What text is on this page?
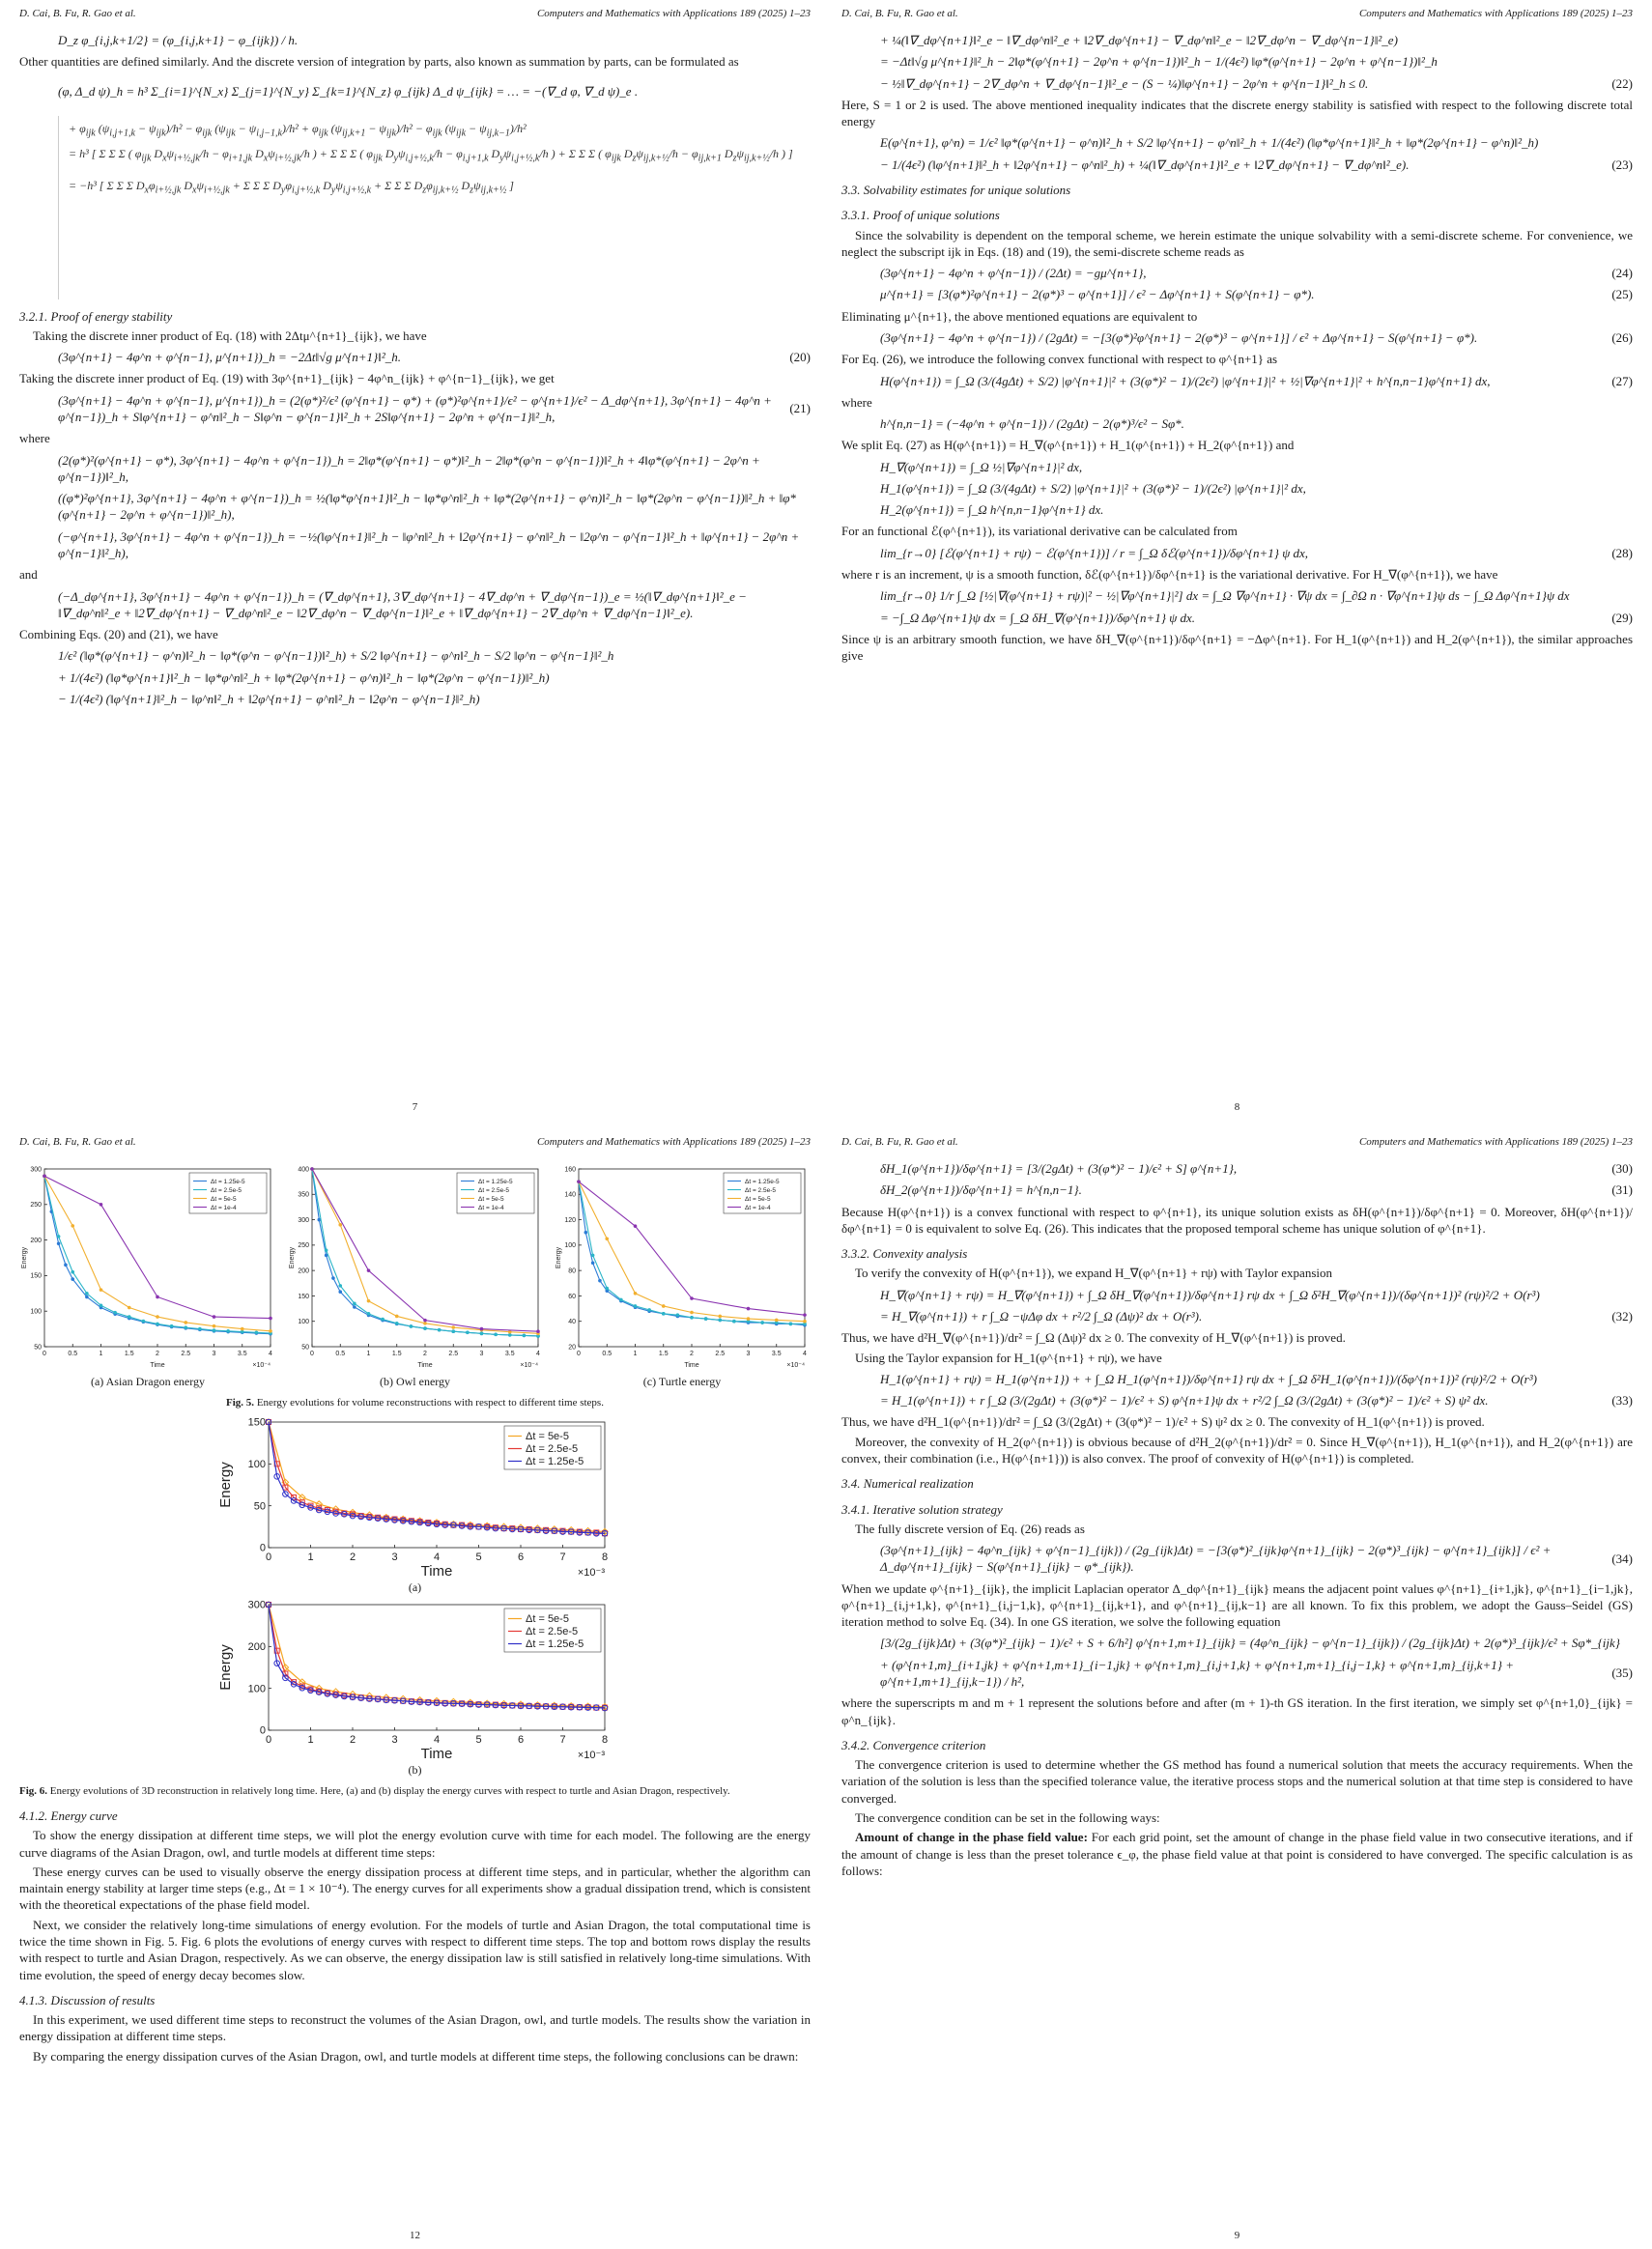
D. Cai, B. Fu, R. Gao et al.	Computers and Mathematics with Applications 189 (2025) 1–23
D_z φ_{i,j,k+1/2} = (φ_{i,j,k+1} − φ_{ijk}) / h.

Other quantities are defined similarly. And the discrete version of integration by parts, also known as summation by parts, can be formulated as

(φ, Δ_d ψ)_h = h³ Σ_{i=1}^{N_x} Σ_{j=1}^{N_y} Σ_{k=1}^{N_z} φ_{ijk} Δ_d ψ_{ijk} = … = −(∇_d φ, ∇_d ψ)_e .
+ $\varphi_{ijk}$ $(\psi_{i,j+1,k} - \psi_{ijk})/h^2 - \varphi_{ijk}$ $(\psi_{ijk} - \psi_{i,j-1,k})/h^2 + \varphi_{ijk}$ $(\psi_{ij,k+1} - \psi_{ijk})/h^2 - \varphi_{ijk}$ $(\psi_{ijk} - \psi_{ij,k-1})/h^2$
= h³ [ Σ Σ Σ ( $\varphi_{ijk}$ $D_x\psi_{i+\frac{1}{2},jk}/h - \varphi_{i+1,jk}$ $D_x\psi_{i+\frac{1}{2},jk}/h$ ) + Σ Σ Σ ( $\varphi_{ijk}$ $D_y\psi_{i,j+\frac{1}{2},k}/h - \varphi_{i,j+1,k}$ $D_y\psi_{i,j+\frac{1}{2},k}/h$ ) + Σ Σ Σ ( $\varphi_{ijk}$ $D_z\psi_{ij,k+\frac{1}{2}}/h - \varphi_{ij,k+1}$ $D_z\psi_{ij,k+\frac{1}{2}}/h$ ) ]
= −h³ [ Σ Σ Σ $D_x\varphi_{i+\frac{1}{2},jk}$ $D_x\psi_{i+\frac{1}{2},jk} + \Sigma$ Σ Σ $D_y\varphi_{i,j+\frac{1}{2},k}$ $D_y\psi_{i,j+\frac{1}{2},k} + \Sigma$ Σ Σ $D_z\varphi_{ij,k+\frac{1}{2}}$ $D_z\psi_{ij,k+\frac{1}{2}}$ ]
3.2.1. Proof of energy stability

Taking the discrete inner product of Eq. (18) with 2Δtμ^{n+1}_{ijk}, we have

(3φ^{n+1} − 4φ^n + φ^{n−1}, μ^{n+1})_h = −2Δt‖√g μ^{n+1}‖²_h.	(20)

Taking the discrete inner product of Eq. (19) with 3φ^{n+1}_{ijk} − 4φ^n_{ijk} + φ^{n−1}_{ijk}, we get

(3φ^{n+1} − 4φ^n + φ^{n−1}, μ^{n+1})_h = (2(φ*)²/ϵ² (φ^{n+1} − φ*) + (φ*)²φ^{n+1}/ϵ² − φ^{n+1}/ϵ² − Δ_dφ^{n+1}, 3φ^{n+1} − 4φ^n + φ^{n−1})_h + S‖φ^{n+1} − φ^n‖²_h − S‖φ^n − φ^{n−1}‖²_h + 2S‖φ^{n+1} − 2φ^n + φ^{n−1}‖²_h,
(21)

where

(2(φ*)²(φ^{n+1} − φ*), 3φ^{n+1} − 4φ^n + φ^{n−1})_h = 2‖φ*(φ^{n+1} − φ*)‖²_h − 2‖φ*(φ^n − φ^{n−1})‖²_h + 4‖φ*(φ^{n+1} − 2φ^n + φ^{n−1})‖²_h,
((φ*)²φ^{n+1}, 3φ^{n+1} − 4φ^n + φ^{n−1})_h = ½(‖φ*φ^{n+1}‖²_h − ‖φ*φ^n‖²_h + ‖φ*(2φ^{n+1} − φ^n)‖²_h − ‖φ*(2φ^n − φ^{n−1})‖²_h + ‖φ*(φ^{n+1} − 2φ^n + φ^{n−1})‖²_h),
(−φ^{n+1}, 3φ^{n+1} − 4φ^n + φ^{n−1})_h = −½(‖φ^{n+1}‖²_h − ‖φ^n‖²_h + ‖2φ^{n+1} − φ^n‖²_h − ‖2φ^n − φ^{n−1}‖²_h + ‖φ^{n+1} − 2φ^n + φ^{n−1}‖²_h),

and

(−Δ_dφ^{n+1}, 3φ^{n+1} − 4φ^n + φ^{n−1})_h = (∇_dφ^{n+1}, 3∇_dφ^{n+1} − 4∇_dφ^n + ∇_dφ^{n−1})_e = ½(‖∇_dφ^{n+1}‖²_e − ‖∇_dφ^n‖²_e + ‖2∇_dφ^{n+1} − ∇_dφ^n‖²_e − ‖2∇_dφ^n − ∇_dφ^{n−1}‖²_e + ‖∇_dφ^{n+1} − 2∇_dφ^n + ∇_dφ^{n−1}‖²_e).

Combining Eqs. (20) and (21), we have

1/ϵ² (‖φ*(φ^{n+1} − φ^n)‖²_h − ‖φ*(φ^n − φ^{n−1})‖²_h) + S/2 ‖φ^{n+1} − φ^n‖²_h − S/2 ‖φ^n − φ^{n−1}‖²_h
+ 1/(4ϵ²) (‖φ*φ^{n+1}‖²_h − ‖φ*φ^n‖²_h + ‖φ*(2φ^{n+1} − φ^n)‖²_h − ‖φ*(2φ^n − φ^{n−1})‖²_h)
− 1/(4ϵ²) (‖φ^{n+1}‖²_h − ‖φ^n‖²_h + ‖2φ^{n+1} − φ^n‖²_h − ‖2φ^n − φ^{n−1}‖²_h)
7
D. Cai, B. Fu, R. Gao et al.	Computers and Mathematics with Applications 189 (2025) 1–23
+ ¼(‖∇_dφ^{n+1}‖²_e − ‖∇_dφ^n‖²_e + ‖2∇_dφ^{n+1} − ∇_dφ^n‖²_e − ‖2∇_dφ^n − ∇_dφ^{n−1}‖²_e)
= −Δt‖√g μ^{n+1}‖²_h − 2‖φ*(φ^{n+1} − 2φ^n + φ^{n−1})‖²_h − 1/(4ϵ²) ‖φ*(φ^{n+1} − 2φ^n + φ^{n−1})‖²_h
− ½‖∇_dφ^{n+1} − 2∇_dφ^n + ∇_dφ^{n−1}‖²_e − (S − ¼)‖φ^{n+1} − 2φ^n + φ^{n−1}‖²_h ≤ 0.	(22)

Here, S = 1 or 2 is used. The above mentioned inequality indicates that the discrete energy stability is satisfied with respect to the following discrete total energy

E(φ^{n+1}, φ^n) = 1/ϵ² ‖φ*(φ^{n+1} − φ^n)‖²_h + S/2 ‖φ^{n+1} − φ^n‖²_h + 1/(4ϵ²) (‖φ*φ^{n+1}‖²_h + ‖φ*(2φ^{n+1} − φ^n)‖²_h)
− 1/(4ϵ²) (‖φ^{n+1}‖²_h + ‖2φ^{n+1} − φ^n‖²_h) + ¼(‖∇_dφ^{n+1}‖²_e + ‖2∇_dφ^{n+1} − ∇_dφ^n‖²_e).	(23)
3.3. Solvability estimates for unique solutions
3.3.1. Proof of unique solutions

Since the solvability is dependent on the temporal scheme, we herein estimate the unique solvability with a semi-discrete scheme. For convenience, we neglect the subscript ijk in Eqs. (18) and (19), the semi-discrete scheme reads as

(3φ^{n+1} − 4φ^n + φ^{n−1}) / (2Δt) = −gμ^{n+1},	(24)
μ^{n+1} = [3(φ*)²φ^{n+1} − 2(φ*)³ − φ^{n+1}] / ϵ² − Δφ^{n+1} + S(φ^{n+1} − φ*).	(25)

Eliminating μ^{n+1}, the above mentioned equations are equivalent to

(3φ^{n+1} − 4φ^n + φ^{n−1}) / (2gΔt) = −[3(φ*)²φ^{n+1} − 2(φ*)³ − φ^{n+1}] / ϵ² + Δφ^{n+1} − S(φ^{n+1} − φ*).	(26)

For Eq. (26), we introduce the following convex functional with respect to φ^{n+1} as

H(φ^{n+1}) = ∫_Ω (3/(4gΔt) + S/2) |φ^{n+1}|² + (3(φ*)² − 1)/(2ϵ²) |φ^{n+1}|² + ½|∇φ^{n+1}|² + h^{n,n−1}φ^{n+1} dx,	(27)

where

h^{n,n−1} = (−4φ^n + φ^{n−1}) / (2gΔt) − 2(φ*)³/ϵ² − Sφ*.

We split Eq. (27) as H(φ^{n+1}) = H_∇(φ^{n+1}) + H_1(φ^{n+1}) + H_2(φ^{n+1}) and

H_∇(φ^{n+1}) = ∫_Ω ½|∇φ^{n+1}|² dx,
H_1(φ^{n+1}) = ∫_Ω (3/(4gΔt) + S/2) |φ^{n+1}|² + (3(φ*)² − 1)/(2ϵ²) |φ^{n+1}|² dx,
H_2(φ^{n+1}) = ∫_Ω h^{n,n−1}φ^{n+1} dx.

For an functional ℰ(φ^{n+1}), its variational derivative can be calculated from

lim_{r→0} [ℰ(φ^{n+1} + rψ) − ℰ(φ^{n+1})] / r = ∫_Ω δℰ(φ^{n+1})/δφ^{n+1} ψ dx,	(28)

where r is an increment, ψ is a smooth function, δℰ(φ^{n+1})/δφ^{n+1} is the variational derivative. For H_∇(φ^{n+1}), we have

lim_{r→0} 1/r ∫_Ω [½|∇(φ^{n+1} + rψ)|² − ½|∇φ^{n+1}|²] dx = ∫_Ω ∇φ^{n+1} · ∇ψ dx = ∫_∂Ω n · ∇φ^{n+1}ψ ds − ∫_Ω Δφ^{n+1}ψ dx
= −∫_Ω Δφ^{n+1}ψ dx = ∫_Ω δH_∇(φ^{n+1})/δφ^{n+1} ψ dx.	(29)

Since ψ is an arbitrary smooth function, we have δH_∇(φ^{n+1})/δφ^{n+1} = −Δφ^{n+1}. For H_1(φ^{n+1}) and H_2(φ^{n+1}), the similar approaches give

8
D. Cai, B. Fu, R. Gao et al.	Computers and Mathematics with Applications 189 (2025) 1–23
0	0.5	1	1.5	2	2.5	3	3.5	4
50
100
150
200
250
300
Time
Energy
×10⁻⁴
Δt = 1.25e-5
Δt = 2.5e-5
Δt = 5e-5
Δt = 1e-4
(a) Asian Dragon energy
0	0.5	1	1.5	2	2.5	3	3.5	4
50
100
150
200
250
300
350
400
Time
Energy
×10⁻⁴
Δt = 1.25e-5
Δt = 2.5e-5
Δt = 5e-5
Δt = 1e-4
(b) Owl energy
0	0.5	1	1.5	2	2.5	3	3.5	4
20
40
60
80
100
120
140
160
Time
Energy
×10⁻⁴
Δt = 1.25e-5
Δt = 2.5e-5
Δt = 5e-5
Δt = 1e-4
(c) Turtle energy
Fig. 5. Energy evolutions for volume reconstructions with respect to different time steps.
0	1	2	3	4	5	6	7	8
0
50
100
150
Time
Energy
×10⁻³
Δt = 5e-5
Δt = 2.5e-5
Δt = 1.25e-5
(a)
0	1	2	3	4	5	6	7	8
0
100
200
300
Time
Energy
×10⁻³
Δt = 5e-5
Δt = 2.5e-5
Δt = 1.25e-5
(b)
Fig. 6. Energy evolutions of 3D reconstruction in relatively long time. Here, (a) and (b) display the energy curves with respect to turtle and Asian Dragon, respectively.
4.1.2. Energy curve

To show the energy dissipation at different time steps, we will plot the energy evolution curve with time for each model. The following are the energy curve diagrams of the Asian Dragon, owl, and turtle models at different time steps:

These energy curves can be used to visually observe the energy dissipation process at different time steps, and in particular, whether the algorithm can maintain energy stability at larger time steps (e.g., Δt = 1 × 10⁻⁴). The energy curves for all experiments show a gradual dissipation trend, which is consistent with the theoretical expectations of the phase field model.

Next, we consider the relatively long-time simulations of energy evolution. For the models of turtle and Asian Dragon, the total computational time is twice the time shown in Fig. 5. Fig. 6 plots the evolutions of energy curves with respect to different time steps. The top and bottom rows display the results with respect to turtle and Asian Dragon, respectively. As we can observe, the energy dissipation law is still satisfied in relatively long-time simulations. With time evolution, the speed of energy decay becomes slow.

4.1.3. Discussion of results

In this experiment, we used different time steps to reconstruct the volumes of the Asian Dragon, owl, and turtle models. The results show the variation in energy dissipation at different time steps.

By comparing the energy dissipation curves of the Asian Dragon, owl, and turtle models at different time steps, the following conclusions can be drawn:

12
D. Cai, B. Fu, R. Gao et al.	Computers and Mathematics with Applications 189 (2025) 1–23
δH_1(φ^{n+1})/δφ^{n+1} = [3/(2gΔt) + (3(φ*)² − 1)/ϵ² + S] φ^{n+1},	(30)
δH_2(φ^{n+1})/δφ^{n+1} = h^{n,n−1}.	(31)

Because H(φ^{n+1}) is a convex functional with respect to φ^{n+1}, its unique solution exists as δH(φ^{n+1})/δφ^{n+1} = 0. Moreover, δH(φ^{n+1})/δφ^{n+1} = 0 is equivalent to solve Eq. (26). This indicates that the proposed temporal scheme has unique solution of φ^{n+1}.

3.3.2. Convexity analysis

To verify the convexity of H(φ^{n+1}), we expand H_∇(φ^{n+1} + rψ) with Taylor expansion

H_∇(φ^{n+1} + rψ) = H_∇(φ^{n+1}) + ∫_Ω δH_∇(φ^{n+1})/δφ^{n+1} rψ dx + ∫_Ω δ²H_∇(φ^{n+1})/(δφ^{n+1})² (rψ)²/2 + O(r³)
= H_∇(φ^{n+1}) + r ∫_Ω −ψΔφ dx + r²/2 ∫_Ω (Δψ)² dx + O(r³).	(32)

Thus, we have d²H_∇(φ^{n+1})/dr² = ∫_Ω (Δψ)² dx ≥ 0. The convexity of H_∇(φ^{n+1}) is proved.

Using the Taylor expansion for H_1(φ^{n+1} + rψ), we have

H_1(φ^{n+1} + rψ) = H_1(φ^{n+1}) + + ∫_Ω H_1(φ^{n+1})/δφ^{n+1} rψ dx + ∫_Ω δ²H_1(φ^{n+1})/(δφ^{n+1})² (rψ)²/2 + O(r³)
= H_1(φ^{n+1}) + r ∫_Ω (3/(2gΔt) + (3(φ*)² − 1)/ϵ² + S) φ^{n+1}ψ dx + r²/2 ∫_Ω (3/(2gΔt) + (3(φ*)² − 1)/ϵ² + S) ψ² dx.	(33)

Thus, we have d²H_1(φ^{n+1})/dr² = ∫_Ω (3/(2gΔt) + (3(φ*)² − 1)/ϵ² + S) ψ² dx ≥ 0. The convexity of H_1(φ^{n+1}) is proved.

Moreover, the convexity of H_2(φ^{n+1}) is obvious because of d²H_2(φ^{n+1})/dr² = 0. Since H_∇(φ^{n+1}), H_1(φ^{n+1}), and H_2(φ^{n+1}) are convex, their combination (i.e., H(φ^{n+1})) is also convex. The proof of convexity of H(φ^{n+1}) is completed.

3.4. Numerical realization
3.4.1. Iterative solution strategy

The fully discrete version of Eq. (26) reads as

(3φ^{n+1}_{ijk} − 4φ^n_{ijk} + φ^{n−1}_{ijk}) / (2g_{ijk}Δt) = −[3(φ*)²_{ijk}φ^{n+1}_{ijk} − 2(φ*)³_{ijk} − φ^{n+1}_{ijk}] / ϵ² + Δ_dφ^{n+1}_{ijk} − S(φ^{n+1}_{ijk} − φ*_{ijk}).
(34)

When we update φ^{n+1}_{ijk}, the implicit Laplacian operator Δ_dφ^{n+1}_{ijk} means the adjacent point values φ^{n+1}_{i+1,jk}, φ^{n+1}_{i−1,jk}, φ^{n+1}_{i,j+1,k}, φ^{n+1}_{i,j−1,k}, φ^{n+1}_{ij,k+1}, and φ^{n+1}_{ij,k−1} are all known. To fix this problem, we adopt the Gauss–Seidel (GS) iteration method to solve Eq. (34). In one GS iteration, we solve the following equation

[3/(2g_{ijk}Δt) + (3(φ*)²_{ijk} − 1)/ϵ² + S + 6/h²] φ^{n+1,m+1}_{ijk} = (4φ^n_{ijk} − φ^{n−1}_{ijk}) / (2g_{ijk}Δt) + 2(φ*)³_{ijk}/ϵ² + Sφ*_{ijk}
+ (φ^{n+1,m}_{i+1,jk} + φ^{n+1,m+1}_{i−1,jk} + φ^{n+1,m}_{i,j+1,k} + φ^{n+1,m+1}_{i,j−1,k} + φ^{n+1,m}_{ij,k+1} + φ^{n+1,m+1}_{ij,k−1}) / h²,
(35)

where the superscripts m and m + 1 represent the solutions before and after (m + 1)-th GS iteration. In the first iteration, we simply set φ^{n+1,0}_{ijk} = φ^n_{ijk}.

3.4.2. Convergence criterion

The convergence criterion is used to determine whether the GS method has found a numerical solution that meets the accuracy requirements. When the variation of the solution is less than the specified tolerance value, the iterative process stops and the numerical solution at that time step is considered to have converged.

The convergence condition can be set in the following ways:

Amount of change in the phase field value: For each grid point, set the amount of change in the phase field value in two consecutive iterations, and if the amount of change is less than the preset tolerance ϵ_φ, the phase field value at that point is considered to have converged. The specific calculation is as follows:

9
